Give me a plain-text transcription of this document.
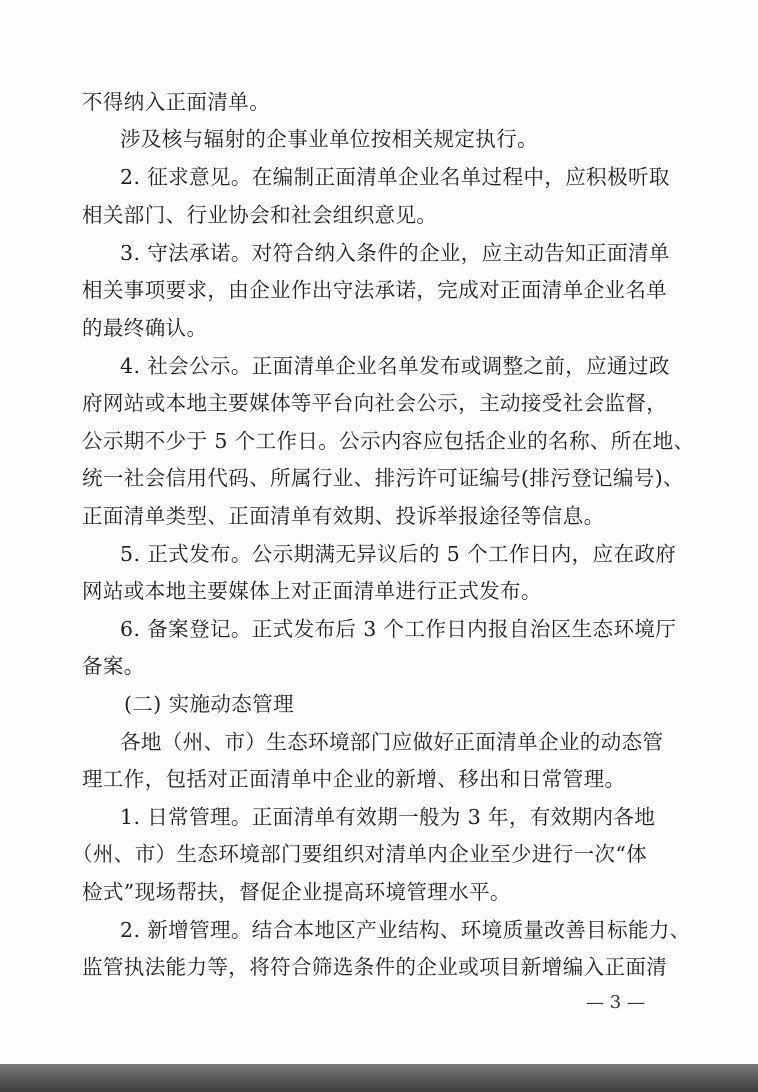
不得纳入正面清单。
涉及核与辐射的企事业单位按相关规定执行。
2. 征求意见。在编制正面清单企业名单过程中，应积极听取
相关部门、行业协会和社会组织意见。
3. 守法承诺。对符合纳入条件的企业，应主动告知正面清单
相关事项要求，由企业作出守法承诺，完成对正面清单企业名单
的最终确认。
4. 社会公示。正面清单企业名单发布或调整之前，应通过政
府网站或本地主要媒体等平台向社会公示，主动接受社会监督，
公示期不少于 5 个工作日。公示内容应包括企业的名称、所在地、
统一社会信用代码、所属行业、排污许可证编号(排污登记编号)、
正面清单类型、正面清单有效期、投诉举报途径等信息。
5. 正式发布。公示期满无异议后的 5 个工作日内，应在政府
网站或本地主要媒体上对正面清单进行正式发布。
6. 备案登记。正式发布后 3 个工作日内报自治区生态环境厅
备案。
(二) 实施动态管理
各地（州、市）生态环境部门应做好正面清单企业的动态管
理工作，包括对正面清单中企业的新增、移出和日常管理。
1. 日常管理。正面清单有效期一般为 3 年，有效期内各地
（州、市）生态环境部门要组织对清单内企业至少进行一次“体
检式”现场帮扶，督促企业提高环境管理水平。
2. 新增管理。结合本地区产业结构、环境质量改善目标能力、
监管执法能力等，将符合筛选条件的企业或项目新增编入正面清
— 3 —
